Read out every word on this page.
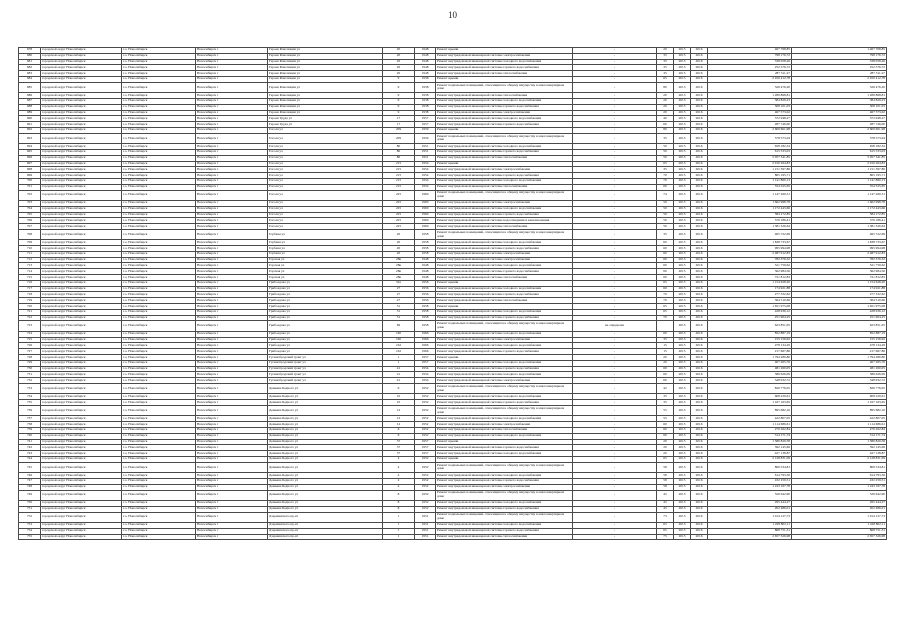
10
678	городской округ Новосибирск	г.о. Новосибирск	Новосибирск г	Героев Революции ул	20	1948	Ремонт крыши	-	20	2015	2016	467 768,85	1 467 768,85
680	городской округ Новосибирск	г.о. Новосибирск	Новосибирск г	Героев Революции ул	20	1948	Ремонт внутридомовой инженерной системы электроснабжения	-	35	2015	2016	798 176,72	798 176,72
681	городской округ Новосибирск	г.о. Новосибирск	Новосибирск г	Героев Революции ул	20	1948	Ремонт внутридомовой инженерной системы холодного водоснабжения	-	35	2015	2016	338 058,26	338 058,26
682	городской округ Новосибирск	г.о. Новосибирск	Новосибирск г	Героев Революции ул	20	1948	Ремонт внутридомовой инженерной системы горячего водоснабжения	-	35	2015	2016	252 576,72	252 576,72
683	городской округ Новосибирск	г.о. Новосибирск	Новосибирск г	Героев Революции ул	20	1948	Ремонт внутридомовой инженерной системы теплоснабжения	-	35	2015	2016	287 311,27	287 311,27
684	городской округ Новосибирск	г.о. Новосибирск	Новосибирск г	Героев Революции ул	9	1938	Ремонт крыши	-	65	2015	2016	2 450 412,78	2 450 412,78
685	городской округ Новосибирск	г.о. Новосибирск	Новосибирск г	Героев Революции ул	9	1938	Ремонт подвальных помещений, относящихся к общему имуществу в многоквартирном доме	-	80	2015	2016	326 476,20	326 476,20
686	городской округ Новосибирск	г.о. Новосибирск	Новосибирск г	Героев Революции ул	9	1938	Ремонт внутридомовой инженерной системы теплоснабжения	-	20	2015	2016	1 289 868,81	1 289 868,81
687	городской округ Новосибирск	г.о. Новосибирск	Новосибирск г	Героев Революции ул	9	1938	Ремонт внутридомовой инженерной системы холодного водоснабжения	-	20	2015	2016	384 829,23	384 829,23
688	городской округ Новосибирск	г.о. Новосибирск	Новосибирск г	Героев Революции ул	9	1938	Ремонт внутридомовой инженерной системы горячего водоснабжения	-	20	2015	2016	508 101,03	508 101,03
689	городской округ Новосибирск	г.о. Новосибирск	Новосибирск г	Героев Революции ул	9	1938	Ремонт внутридомовой инженерной системы электроснабжения	-	20	2015	2016	467 573,02	467 573,02
690	городской округ Новосибирск	г.о. Новосибирск	Новосибирск г	Героев Труда ул	17	1957	Ремонт внутридомовой инженерной системы холодного водоснабжения	-	40	2015	2016	372 948,27	372 948,27
691	городской округ Новосибирск	г.о. Новосибирск	Новосибирск г	Героев Труда ул	17	1957	Ремонт внутридомовой инженерной системы горячего водоснабжения	-	60	2015	2016	287 746,00	287 746,00
692	городской округ Новосибирск	г.о. Новосибирск	Новосибирск г	Гоголя ул	209	1959	Ремонт крыши	-	80	2015	2016	2 609 601,98	2 609 601,98
693	городской округ Новосибирск	г.о. Новосибирск	Новосибирск г	Гоголя ул	209	1959	Ремонт подвальных помещений, относящихся к общему имуществу в многоквартирном доме	-	35	2015	2016	578 573,04	578 573,04
694	городской округ Новосибирск	г.о. Новосибирск	Новосибирск г	Гоголя ул	80	1951	Ремонт внутридомовой инженерной системы холодного водоснабжения	-	50	2015	2016	658 182,34	658 182,34
695	городской округ Новосибирск	г.о. Новосибирск	Новосибирск г	Гоголя ул	80	1951	Ремонт внутридомовой инженерной системы горячего водоснабжения	-	50	2015	2016	615 533,03	615 533,03
696	городской округ Новосибирск	г.о. Новосибирск	Новосибирск г	Гоголя ул	80	1951	Ремонт внутридомовой инженерной системы теплоснабжения	-	50	2015	2016	5 057 341,85	5 057 341,85
697	городской округ Новосибирск	г.о. Новосибирск	Новосибирск г	Гоголя ул	215	1954	Ремонт крыши	-	65	2015	2016	2 910 264,83	2 910 264,83
698	городской округ Новосибирск	г.о. Новосибирск	Новосибирск г	Гоголя ул	215	1954	Ремонт внутридомовой инженерной системы электроснабжения	-	35	2015	2016	1 151 397,86	1 151 397,86
699	городской округ Новосибирск	г.о. Новосибирск	Новосибирск г	Гоголя ул	215	1954	Ремонт внутридомовой инженерной системы горячего водоснабжения	-	70	2015	2016	865 195,71	865 195,71
700	городской округ Новосибирск	г.о. Новосибирск	Новосибирск г	Гоголя ул	215	1954	Ремонт внутридомовой инженерной системы холодного водоснабжения	-	70	2015	2016	1 141 860,13	1 141 860,13
701	городской округ Новосибирск	г.о. Новосибирск	Новосибирск г	Гоголя ул	215	1954	Ремонт внутридомовой инженерной системы теплоснабжения	-	60	2015	2016	554 525,65	554 525,65
702	городской округ Новосибирск	г.о. Новосибирск	Новосибирск г	Гоголя ул	225	1960	Ремонт подвальных помещений, относящихся к общему имуществу в многоквартирном доме	-	74	2015	2016	1 147 260,31	1 147 260,31
703	городской округ Новосибирск	г.о. Новосибирск	Новосибирск г	Гоголя ул	225	1960	Ремонт внутридомовой инженерной системы электроснабжения	-	59	2015	2016	1 662 998,78	1 662 998,78
704	городской округ Новосибирск	г.о. Новосибирск	Новосибирск г	Гоголя ул	225	1960	Ремонт внутридомовой инженерной системы холодного водоснабжения	-	50	2015	2016	1 172 443,66	1 172 443,66
705	городской округ Новосибирск	г.о. Новосибирск	Новосибирск г	Гоголя ул	225	1960	Ремонт внутридомовой инженерной системы горячего водоснабжения	-	50	2015	2016	584 172,85	584 172,85
706	городской округ Новосибирск	г.о. Новосибирск	Новосибирск г	Гоголя ул	225	1960	Ремонт внутридомовой инженерной системы водоотведения и канализования	-	50	2015	2016	576 186,41	576 186,41
707	городской округ Новосибирск	г.о. Новосибирск	Новосибирск г	Гоголя ул	225	1960	Ремонт внутридомовой инженерной системы теплоснабжения	-	50	2015	2016	1 381 326,64	1 381 326,64
708	городской округ Новосибирск	г.о. Новосибирск	Новосибирск г	Горбаня ул	20	1958	Ремонт подвальных помещений, относящихся к общему имуществу в многоквартирном доме	-	35	2015	2016	465 722,69	465 722,69
709	городской округ Новосибирск	г.о. Новосибирск	Новосибирск г	Горбаня ул	20	1958	Ремонт внутридомовой инженерной системы холодного водоснабжения	-	60	2015	2016	1 838 733,67	1 838 733,67
710	городской округ Новосибирск	г.о. Новосибирск	Новосибирск г	Горбаня ул	20	1958	Ремонт внутридомовой инженерной системы горячего водоснабжения	-	60	2015	2016	995 994,98	995 994,98
711	городской округ Новосибирск	г.о. Новосибирск	Новосибирск г	Горбаня ул	20	1958	Ремонт внутридомовой инженерной системы электроснабжения	-	60	2015	2016	2 487 912,83	2 487 912,83
712	городской округ Новосибирск	г.о. Новосибирск	Новосибирск г	Горская ул	28в	1948	Ремонт внутридомовой инженерной системы электроснабжения	-	60	2015	2016	782 376,32	782 376,32
713	городской округ Новосибирск	г.о. Новосибирск	Новосибирск г	Горская ул	28в	1948	Ремонт внутридомовой инженерной системы холодного водоснабжения	-	60	2015	2016	521 759,62	521 759,62
714	городской округ Новосибирск	г.о. Новосибирск	Новосибирск г	Горская ул	28в	1948	Ремонт внутридомовой инженерной системы горячего водоснабжения	-	60	2015	2016	362 984,56	362 984,56
715	городской округ Новосибирск	г.о. Новосибирск	Новосибирск г	Горская ул	28в	1948	Ремонт внутридомовой инженерной системы теплоснабжения	-	60	2015	2016	721 812,83	721 812,83
716	городской округ Новосибирск	г.о. Новосибирск	Новосибирск г	Грибоедова ул	32а	1956	Ремонт крыши	-	65	2015	2016	1 154 628,20	1 154 628,20
717	городской округ Новосибирск	г.о. Новосибирск	Новосибирск г	Грибоедова ул	27	1956	Ремонт внутридомовой инженерной системы холодного водоснабжения	-	60	2015	2016	174 921,88	174 921,88
718	городской округ Новосибирск	г.о. Новосибирск	Новосибирск г	Грибоедова ул	27	1956	Ремонт внутридомовой инженерной системы горячего водоснабжения	-	70	2015	2016	277 332,62	277 332,62
719	городской округ Новосибирск	г.о. Новосибирск	Новосибирск г	Грибоедова ул	27	1956	Ремонт внутридомовой инженерной системы теплоснабжения	-	70	2015	2016	364 510,66	364 510,66
720	городской округ Новосибирск	г.о. Новосибирск	Новосибирск г	Грибоедова ул	31	1958	Ремонт крыши	-	65	2015	2016	1 651 975,08	1 651 975,08
721	городской округ Новосибирск	г.о. Новосибирск	Новосибирск г	Грибоедова ул	31	1958	Ремонт внутридомовой инженерной системы холодного водоснабжения	-	65	2015	2016	428 936,12	428 936,12
722	городской округ Новосибирск	г.о. Новосибирск	Новосибирск г	Грибоедова ул	31	1958	Ремонт внутридомовой инженерной системы горячего водоснабжения	-	70	2015	2016	251 904,25	251 904,25
723	городской округ Новосибирск	г.о. Новосибирск	Новосибирск г	Грибоедова ул	69	1958	Ремонт подвальных помещений, относящихся к общему имуществу в многоквартирном доме	не определен		2015	2016	623 851,05	623 851,05
724	городской округ Новосибирск	г.о. Новосибирск	Новосибирск г	Грибоедова ул	160	1966	Ремонт внутридомовой инженерной системы холодного водоснабжения	-	60	2015	2016	852 887,19	852 887,19
725	городской округ Новосибирск	г.о. Новосибирск	Новосибирск г	Грибоедова ул	160	1966	Ремонт внутридомовой инженерной системы электроснабжения	-	35	2015	2016	155 156,92	155 156,92
726	городской округ Новосибирск	г.о. Новосибирск	Новосибирск г	Грибоедова ул	162	1966	Ремонт внутридомовой инженерной системы холодного водоснабжения	-	15	2015	2016	478 134,29	478 134,29
727	городской округ Новосибирск	г.о. Новосибирск	Новосибирск г	Грибоедова ул	162	1966	Ремонт внутридомовой инженерной системы горячего водоснабжения	-	15	2015	2016	217 667,86	217 667,86
728	городской округ Новосибирск	г.о. Новосибирск	Новосибирск г	Гусинобродский тракт ул	1	1957	Ремонт крыши	-	20	2015	2016	1 794 280,80	1 794 280,80
729	городской округ Новосибирск	г.о. Новосибирск	Новосибирск г	Гусинобродский тракт ул	1	1957	Ремонт внутридомовой инженерной системы холодного водоснабжения	-	20	2015	2016	407 265,76	407 265,76
730	городской округ Новосибирск	г.о. Новосибирск	Новосибирск г	Гусинобродский тракт ул	41	1954	Ремонт внутридомовой инженерной системы горячего водоснабжения	-	60	2015	2016	481 260,05	481 260,05
731	городской округ Новосибирск	г.о. Новосибирск	Новосибирск г	Гусинобродский тракт ул	41	1954	Ремонт внутридомовой инженерной системы холодного водоснабжения	-	60	2015	2016	586 626,09	586 626,09
732	городской округ Новосибирск	г.о. Новосибирск	Новосибирск г	Гусинобродский тракт ул	41	1954	Ремонт внутридомовой инженерной системы электроснабжения	-	60	2015	2016	348 932,72	348 932,72
733	городской округ Новосибирск	г.о. Новосибирск	Новосибирск г	Демьяна Бедного ул	9	1952	Ремонт подвальных помещений, относящихся к общему имуществу в многоквартирном доме	-	42	2015	2016	826 776,05	826 776,05
734	городской округ Новосибирск	г.о. Новосибирск	Новосибирск г	Демьяна Бедного ул	10	1952	Ремонт внутридомовой инженерной системы холодного водоснабжения	-	35	2015	2016	608 229,61	608 229,61
735	городской округ Новосибирск	г.о. Новосибирск	Новосибирск г	Демьяна Бедного ул	10	1952	Ремонт внутридомовой инженерной системы горячего водоснабжения	-	35	2015	2016	1 167 163,65	1 167 163,65
736	городской округ Новосибирск	г.о. Новосибирск	Новосибирск г	Демьяна Бедного ул	12	1952	Ремонт подвальных помещений, относящихся к общему имуществу в многоквартирном доме	-	55	2015	2016	895 682,16	895 682,16
737	городской округ Новосибирск	г.о. Новосибирск	Новосибирск г	Демьяна Бедного ул	12	1952	Ремонт внутридомовой инженерной системы холодного водоснабжения	-	55	2015	2016	422 807,05	422 807,05
738	городской округ Новосибирск	г.о. Новосибирск	Новосибирск г	Демьяна Бедного ул	12	1952	Ремонт внутридомовой инженерной системы электроснабжения	-	60	2015	2016	1 114 686,61	1 114 686,61
739	городской округ Новосибирск	г.о. Новосибирск	Новосибирск г	Демьяна Бедного ул	6	1952	Ремонт внутридомовой инженерной системы теплоснабжения	-	60	2015	2016	270 262,84	270 262,84
740	городской округ Новосибирск	г.о. Новосибирск	Новосибирск г	Демьяна Бедного ул	6	1952	Ремонт внутридомовой инженерной системы холодного водоснабжения	-	60	2015	2016	314 171,74	314 171,74
741	городской округ Новосибирск	г.о. Новосибирск	Новосибирск г	Демьяна Бедного ул	37	1957	Ремонт крыши	-	20	2015	2016	1 586 829,58	1 586 829,58
742	городской округ Новосибирск	г.о. Новосибирск	Новосибирск г	Демьяна Бедного ул	37	1957	Ремонт внутридомовой инженерной системы горячего водоснабжения	-	20	2015	2016	592 145,69	592 145,69
743	городской округ Новосибирск	г.о. Новосибирск	Новосибирск г	Демьяна Бедного ул	37	1957	Ремонт внутридомовой инженерной системы холодного водоснабжения	-	20	2015	2016	427 138,87	427 138,87
744	городской округ Новосибирск	г.о. Новосибирск	Новосибирск г	Демьяна Бедного ул	4	1952	Ремонт крыши	-	65	2015	2016	2 128 831,09	2 128 831,09
745	городской округ Новосибирск	г.о. Новосибирск	Новосибирск г	Демьяна Бедного ул	4	1952	Ремонт подвальных помещений, относящихся к общему имуществу в многоквартирном доме	-	58	2015	2016	806 534,81	806 534,81
746	городской округ Новосибирск	г.о. Новосибирск	Новосибирск г	Демьяна Бедного ул	4	1952	Ремонт внутридомовой инженерной системы холодного водоснабжения	-	58	2015	2016	614 793,56	614 793,56
747	городской округ Новосибирск	г.о. Новосибирск	Новосибирск г	Демьяна Бедного ул	4	1952	Ремонт внутридомовой инженерной системы горячего водоснабжения	-	58	2015	2016	432 259,51	432 259,51
748	городской округ Новосибирск	г.о. Новосибирск	Новосибирск г	Демьяна Бедного ул	4	1952	Ремонт внутридомовой инженерной системы электроснабжения	-	58	2015	2016	1 243 167,78	1 243 167,78
749	городской округ Новосибирск	г.о. Новосибирск	Новосибирск г	Демьяна Бедного ул	8	1952	Ремонт подвальных помещений, относящихся к общему имуществу в многоквартирном доме	-	45	2015	2016	526 642,90	526 642,90
750	городской округ Новосибирск	г.о. Новосибирск	Новосибирск г	Демьяна Бедного ул	8	1952	Ремонт внутридомовой инженерной системы холодного водоснабжения	-	45	2015	2016	295 444,27	295 444,27
751	городской округ Новосибирск	г.о. Новосибирск	Новосибирск г	Демьяна Бедного ул	8	1952	Ремонт внутридомовой инженерной системы горячего водоснабжения	-	45	2015	2016	202 486,01	202 486,01
752	городской округ Новосибирск	г.о. Новосибирск	Новосибирск г	Дзержинского пр-кт	1	1951	Ремонт подвальных помещений, относящихся к общему имуществу в многоквартирном доме	-	73	2015	2016	1 014 127,73	1 014 127,73
753	городской округ Новосибирск	г.о. Новосибирск	Новосибирск г	Дзержинского пр-кт	1	1951	Ремонт внутридомовой инженерной системы холодного водоснабжения	-	65	2015	2016	1 228 802,11	1 228 802,11
754	городской округ Новосибирск	г.о. Новосибирск	Новосибирск г	Дзержинского пр-кт	1	1951	Ремонт внутридомовой инженерной системы горячего водоснабжения	-	65	2015	2016	868 751,31	868 751,31
755	городской округ Новосибирск	г.о. Новосибирск	Новосибирск г	Дзержинского пр-кт	1	1951	Ремонт внутридомовой инженерной системы теплоснабжения	-	75	2015	2016	2 657 326,98	2 657 326,98
